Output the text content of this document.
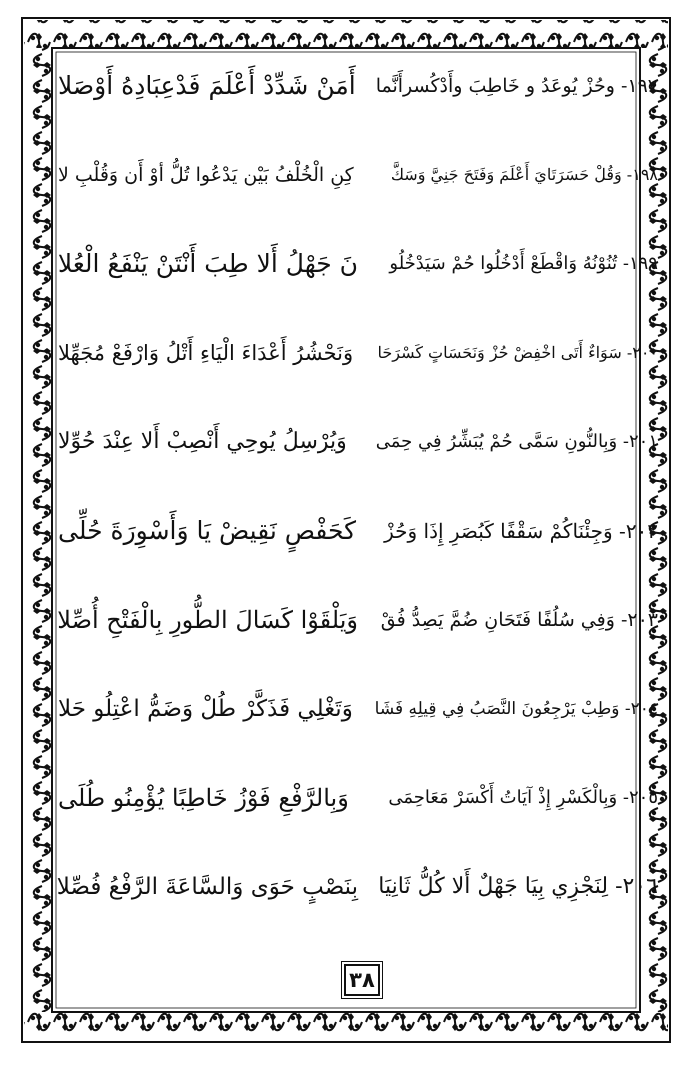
١٩٧- وحُزْ يُوعَدُ و خَاطِبَ وأَدْكُسرأَنَّما
أَمَنْ شَدِّدْ أَعْلَمَ فَدْعِبَادِهُ أَوْصَلا
١٩٨- وَقُلْ حَسَرَتَايَ أَعْلَمَ وَفَتَحَ جَنِيَّ وَسَكَّ
كِنِ الْخُلْفُ بَيْن يَدْعُوا تُلُّ أوْ أَن وَقُلْبِ لا
١٩٩- تُنُوْنُهُ وَاقْطَعْ أَدْخُلُوا حُمْ سَيَدْخُلُو
نَ جَهْلُ أَلا طِبَ أَنْتَنْ يَنْفَعُ الْعُلا
٢٠٠- سَوَاءٌ أَتَى اخْفِضْ حُزْ وَنَحَسَاتٍ كَسْرَحَا
وَنَحْشُرُ أَعْدَاءَ الْيَاءِ أَتْلُ وَارْفَعْ مُجَهِّلا
٢٠١- وَبِالنُّونِ سَمَّى حُمْ يُبَشِّرُ فِي حِمَى
وَيُرْسِلُ يُوحِي أَنْصِبْ أَلا عِنْدَ حُوِّلا
٢٠٢- وَجِئْنَاكُمْ سَقْفًا كَبُصَرِ إِذَا وَحُزْ
كَحَفْصٍ نَقِيضْ يَا وَأَسْوِرَةَ حُلِّى
٢٠٣- وَفِي سُلُفًا فَتَحَانِ ضُمَّ يَصِدُّ فُقْ
وَيَلْقَوْا كَسَالَ الطُّورِ بِالْفَتْحِ أُصِّلا
٢٠٤- وَطِبْ يَرْجِعُونَ النَّصَبُ فِي قِيلِهِ فَشَا
وَتَغْلِي فَذَكَّرْ طُلْ وَضَمُّ اعْتِلُو حَلا
٢٠٥- وَبِالْكَسْرِ إِذْ آيَاتُ أَكْسَرْ مَعَاحِمَى
وَبِالرَّفْعِ فَوْزُ خَاطِبًا يُؤْمِنُو طُلَى
٢٠٦- لِنَجْزِي بِيَا جَهْلٌ أَلا كُلُّ ثَانِيَا
بِنَصْبٍ حَوَى وَالسَّاعَةَ الرَّفْعُ فُصِّلا
٣٨
